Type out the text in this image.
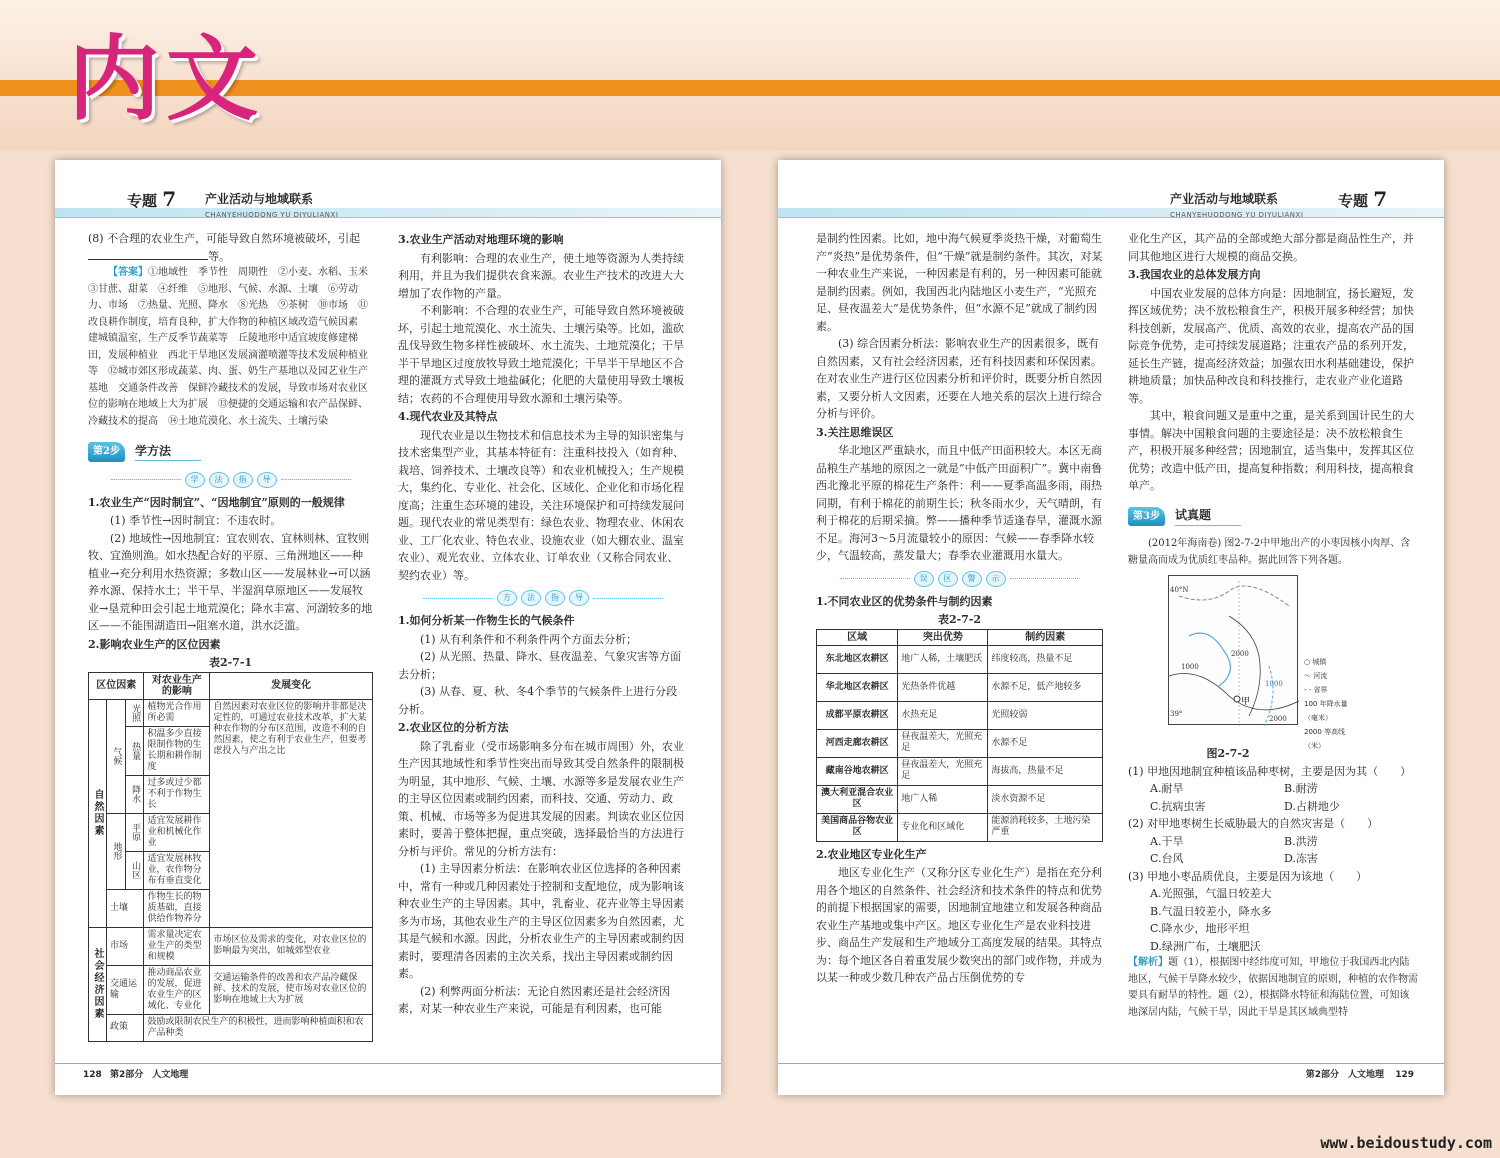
内文
专题 7 产业活动与地域联系
CHANYEHUODONG YU DIYULIANXI

(8) 不合理的农业生产，可能导致自然环境被破坏，引起等。

【答案】①地域性　季节性　周期性　②小麦、水稻、玉米　③甘蔗、甜菜　④纤维　⑤地形、气候、水源、土壤　⑥劳动力、市场　⑦热量、光照、降水　⑧光热　⑨茶树　⑩市场　⑪改良耕作制度，培育良种，扩大作物的种植区域改造气候因素　建城镇温室，生产反季节蔬菜等　丘陵地形中适宜坡度修建梯田，发展种植业　西北干旱地区发展滴灌喷灌等技术发展种植业等　⑫城市郊区形成蔬菜、肉、蛋、奶生产基地以及园艺业生产基地　交通条件改善　保鲜冷藏技术的发展，导致市场对农业区位的影响在地域上大为扩展　⑬便捷的交通运输和农产品保鲜、冷藏技术的提高　⑭土地荒漠化、水土流失、土壤污染

第2步	学方法
学	法	指	导
1.农业生产“因时制宜”、“因地制宜”原则的一般规律

(1) 季节性→因时制宜：不违农时。

(2) 地域性→因地制宜：宜农则农、宜林则林、宜牧则牧、宜渔则渔。如水热配合好的平原、三角洲地区——种植业→充分利用水热资源；多数山区——发展林业→可以涵养水源、保持水土；半干旱、半湿润草原地区——发展牧业→垦荒种田会引起土地荒漠化；降水丰富、河湖较多的地区——不能围湖造田→阻塞水道，洪水泛滥。

2.影响农业生产的区位因素
表2-7-1
区位因素			对农业生产的影响	发展变化
自然因素	气候	光照	植物光合作用所必需	自然因素对农业区位的影响并非都是决定性的，可通过农业技术改革，扩大某种农作物的分布区范围，改造不利的自然因素，使之有利于农业生产，但要考虑投入与产出之比
		热量	积温多少直接限制作物的生长期和耕作制度	
		降水	过多或过少都不利于作物生长	
	地形	平原	适宜发展耕作业和机械化作业	
		山区	适宜发展林牧业，农作物分布有垂直变化	
	土壤		作物生长的物质基础，直接供给作物养分	
社会经济因素	市场		需求量决定农业生产的类型和规模	市场区位及需求的变化，对农业区位的影响最为突出，如城郊型农业
	交通运输		推动商品农业的发展，促进农业生产的区域化、专业化	交通运输条件的改善和农产品冷藏保鲜、技术的发展，使市场对农业区位的影响在地域上大为扩展
	政策		鼓励或限制农民生产的积极性，进而影响种植面积和农产品种类	
3.农业生产活动对地理环境的影响

有利影响：合理的农业生产，使土地等资源为人类持续利用，并且为我们提供农食来源。农业生产技术的改进大大增加了农作物的产量。

不利影响：不合理的农业生产，可能导致自然环境被破坏，引起土地荒漠化、水土流失、土壤污染等。比如，滥砍乱伐导致生物多样性被破坏、水土流失、土地荒漠化；干旱半干旱地区过度放牧导致土地荒漠化；干旱半干旱地区不合理的灌溉方式导致土地盐碱化；化肥的大量使用导致土壤板结；农药的不合理使用导致水源和土壤污染等。

4.现代农业及其特点

现代农业是以生物技术和信息技术为主导的知识密集与技术密集型产业，其基本特征有：注重科技投入（如育种、栽培、饲养技术、土壤改良等）和农业机械投入；生产规模大，集约化、专业化、社会化、区域化、企业化和市场化程度高；注重生态环境的建设，关注环境保护和可持续发展问题。现代农业的常见类型有：绿色农业、物理农业、休闲农业、工厂化农业、特色农业、设施农业（如大棚农业、温室农业）、观光农业、立体农业、订单农业（又称合同农业、契约农业）等。

方	法	指	导
1.如何分析某一作物生长的气候条件

(1) 从有利条件和不利条件两个方面去分析；

(2) 从光照、热量、降水、昼夜温差、气象灾害等方面去分析；

(3) 从春、夏、秋、冬4个季节的气候条件上进行分段分析。

2.农业区位的分析方法

除了乳畜业（受市场影响多分布在城市周围）外，农业生产因其地域性和季节性突出而导致其受自然条件的限制极为明显，其中地形、气候、土壤、水源等多是发展农业生产的主导区位因素或制约因素，而科技、交通、劳动力、政策、机械、市场等多为促进其发展的因素。判读农业区位因素时，要善于整体把握，重点突破，选择最恰当的方法进行分析与评价。常见的分析方法有：

(1) 主导因素分析法：在影响农业区位选择的各种因素中，常有一种或几种因素处于控制和支配地位，成为影响该种农业生产的主导因素。其中，乳畜业、花卉业等主导因素多为市场，其他农业生产的主导区位因素多为自然因素，尤其是气候和水源。因此，分析农业生产的主导因素或制约因素时，要理清各因素的主次关系，找出主导因素或制约因素。

(2) 利弊两面分析法：无论自然因素还是社会经济因素，对某一种农业生产来说，可能是有利因素，也可能

128 第2部分　人文地理
产业活动与地域联系
CHANYEHUODONG YU DIYULIANXI
专题 7

是制约性因素。比如，地中海气候夏季炎热干燥，对葡萄生产“炎热”是优势条件，但“干燥”就是制约条件。其次，对某一种农业生产来说，一种因素是有利的，另一种因素可能就是制约因素。例如，我国西北内陆地区小麦生产，“光照充足、昼夜温差大”是优势条件，但“水源不足”就成了制约因素。

(3) 综合因素分析法：影响农业生产的因素很多，既有自然因素，又有社会经济因素，还有科技因素和环保因素。在对农业生产进行区位因素分析和评价时，既要分析自然因素，又要分析人文因素，还要在人地关系的层次上进行综合分析与评价。

3.关注思维误区

华北地区严重缺水，而且中低产田面积较大。本区无商品粮生产基地的原因之一就是“中低产田面积广”。冀中南鲁西北豫北平原的棉花生产条件：利——夏季高温多雨，雨热同期，有利于棉花的前期生长；秋冬雨水少，天气晴朗，有利于棉花的后期采摘。弊——播种季节适逢春旱，灌溉水源不足。海河3～5月流量较小的原因：气候——春季降水较少，气温较高，蒸发量大；春季农业灌溉用水量大。

误	区	警	示
1.不同农业区的优势条件与制约因素
表2-7-2
区域	突出优势	制约因素
东北地区农耕区	地广人稀，土壤肥沃	纬度较高，热量不足
华北地区农耕区	光热条件优越	水源不足，低产地较多
成都平原农耕区	水热充足	光照较弱
河西走廊农耕区	昼夜温差大，光照充足	水源不足
藏南谷地农耕区	昼夜温差大，光照充足	海拔高，热量不足
澳大利亚混合农业区	地广人稀	淡水资源不足
美国商品谷物农业区	专业化和区域化	能源消耗较多，土地污染严重
2.农业地区专业化生产

地区专业化生产（又称分区专业化生产）是指在充分利用各个地区的自然条件、社会经济和技术条件的特点和优势的前提下根据国家的需要，因地制宜地建立和发展各种商品农业生产基地或集中产区。地区专业化生产是农业科技进步、商品生产发展和生产地域分工高度发展的结果。其特点为：每个地区各自着重发展少数突出的部门或作物，并成为以某一种或少数几种农产品占压倒优势的专

业化生产区，其产品的全部或绝大部分都是商品性生产，并同其他地区进行大规模的商品交换。

3.我国农业的总体发展方向

中国农业发展的总体方向是：因地制宜，扬长避短，发挥区域优势；决不放松粮食生产，积极开展多种经营；加快科技创新，发展高产、优质、高效的农业，提高农产品的国际竞争优势，走可持续发展道路；注重农产品的系列开发，延长生产链，提高经济效益；加强农田水利基础建设，保护耕地质量；加快品种改良和科技推行，走农业产业化道路等。

其中，粮食问题又是重中之重，是关系到国计民生的大事情。解决中国粮食问题的主要途径是：决不放松粮食生产，积极开展多种经营；因地制宜，适当集中，发挥其区位优势；改造中低产田，提高复种指数；利用科技，提高粮食单产。

第3步	试真题

(2012年海南卷) 图2-7-2中甲地出产的小枣因核小肉厚、含糖量高而成为优质红枣品种。据此回答下列各题。

40°N
39°
2000
1000
1000
2000
甲
○ 城镇
〜 河流
- - 省界
100 年降水量（毫米）
2000 等高线（米）
图2-7-2

(1) 甲地因地制宜种植该品种枣树，主要是因为其（　　）

A.耐旱	B.耐涝
C.抗病虫害	D.占耕地少

(2) 对甲地枣树生长威胁最大的自然灾害是（　　）

A.干旱	B.洪涝
C.台风	D.冻害

(3) 甲地小枣品质优良，主要是因为该地（　　）

A.光照强，气温日较差大
B.气温日较差小，降水多
C.降水少，地形平坦
D.绿洲广布，土壤肥沃

【解析】题（1），根据图中经纬度可知，甲地位于我国西北内陆地区，气候干旱降水较少，依据因地制宜的原则，种植的农作物需要具有耐旱的特性。题（2），根据降水特征和海陆位置，可知该地深居内陆，气候干旱，因此干旱是其区域典型特

第2部分　人文地理 129
www.beidoustudy.com
